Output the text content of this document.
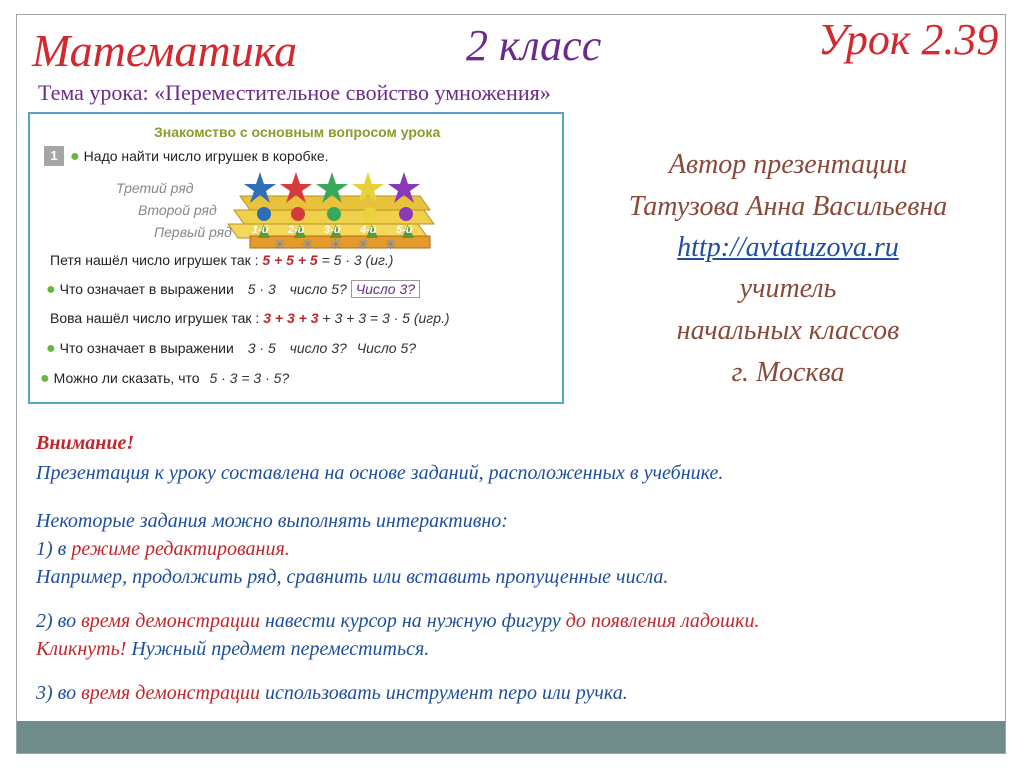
Математика	2 класс	Урок 2.39
Тема урока: «Переместительное свойство умножения»
Знакомство с основным вопросом урока
1 ● Надо найти число игрушек в коробке.
1-й 2-й 3-й 4-й 5-й
✳✳✳✳✳
Третий ряд
Второй ряд
Первый ряд
Петя нашёл число игрушек так : 5 + 5 + 5 = 5 · 3 (иг.)
● Что означает в выражении 5 · 3 число 5? Число 3?
Вова нашёл число игрушек так : 3 + 3 + 3 + 3 + 3 = 3 · 5 (игр.)
● Что означает в выражении 3 · 5 число 3? Число 5?
● Можно ли сказать, что 5 · 3 = 3 · 5?
Автор презентации
Татузова Анна Васильевна
http://avtatuzova.ru
учитель
начальных классов
г. Москва
Внимание!
Презентация к уроку составлена на основе заданий, расположенных в учебнике.
Некоторые задания можно выполнять интерактивно:
1) в режиме редактирования.
Например, продолжить ряд, сравнить или вставить пропущенные числа.
2) во время демонстрации навести курсор на нужную фигуру до появления ладошки.
Кликнуть! Нужный предмет переместиться.
3) во время демонстрации использовать инструмент перо или ручка.
